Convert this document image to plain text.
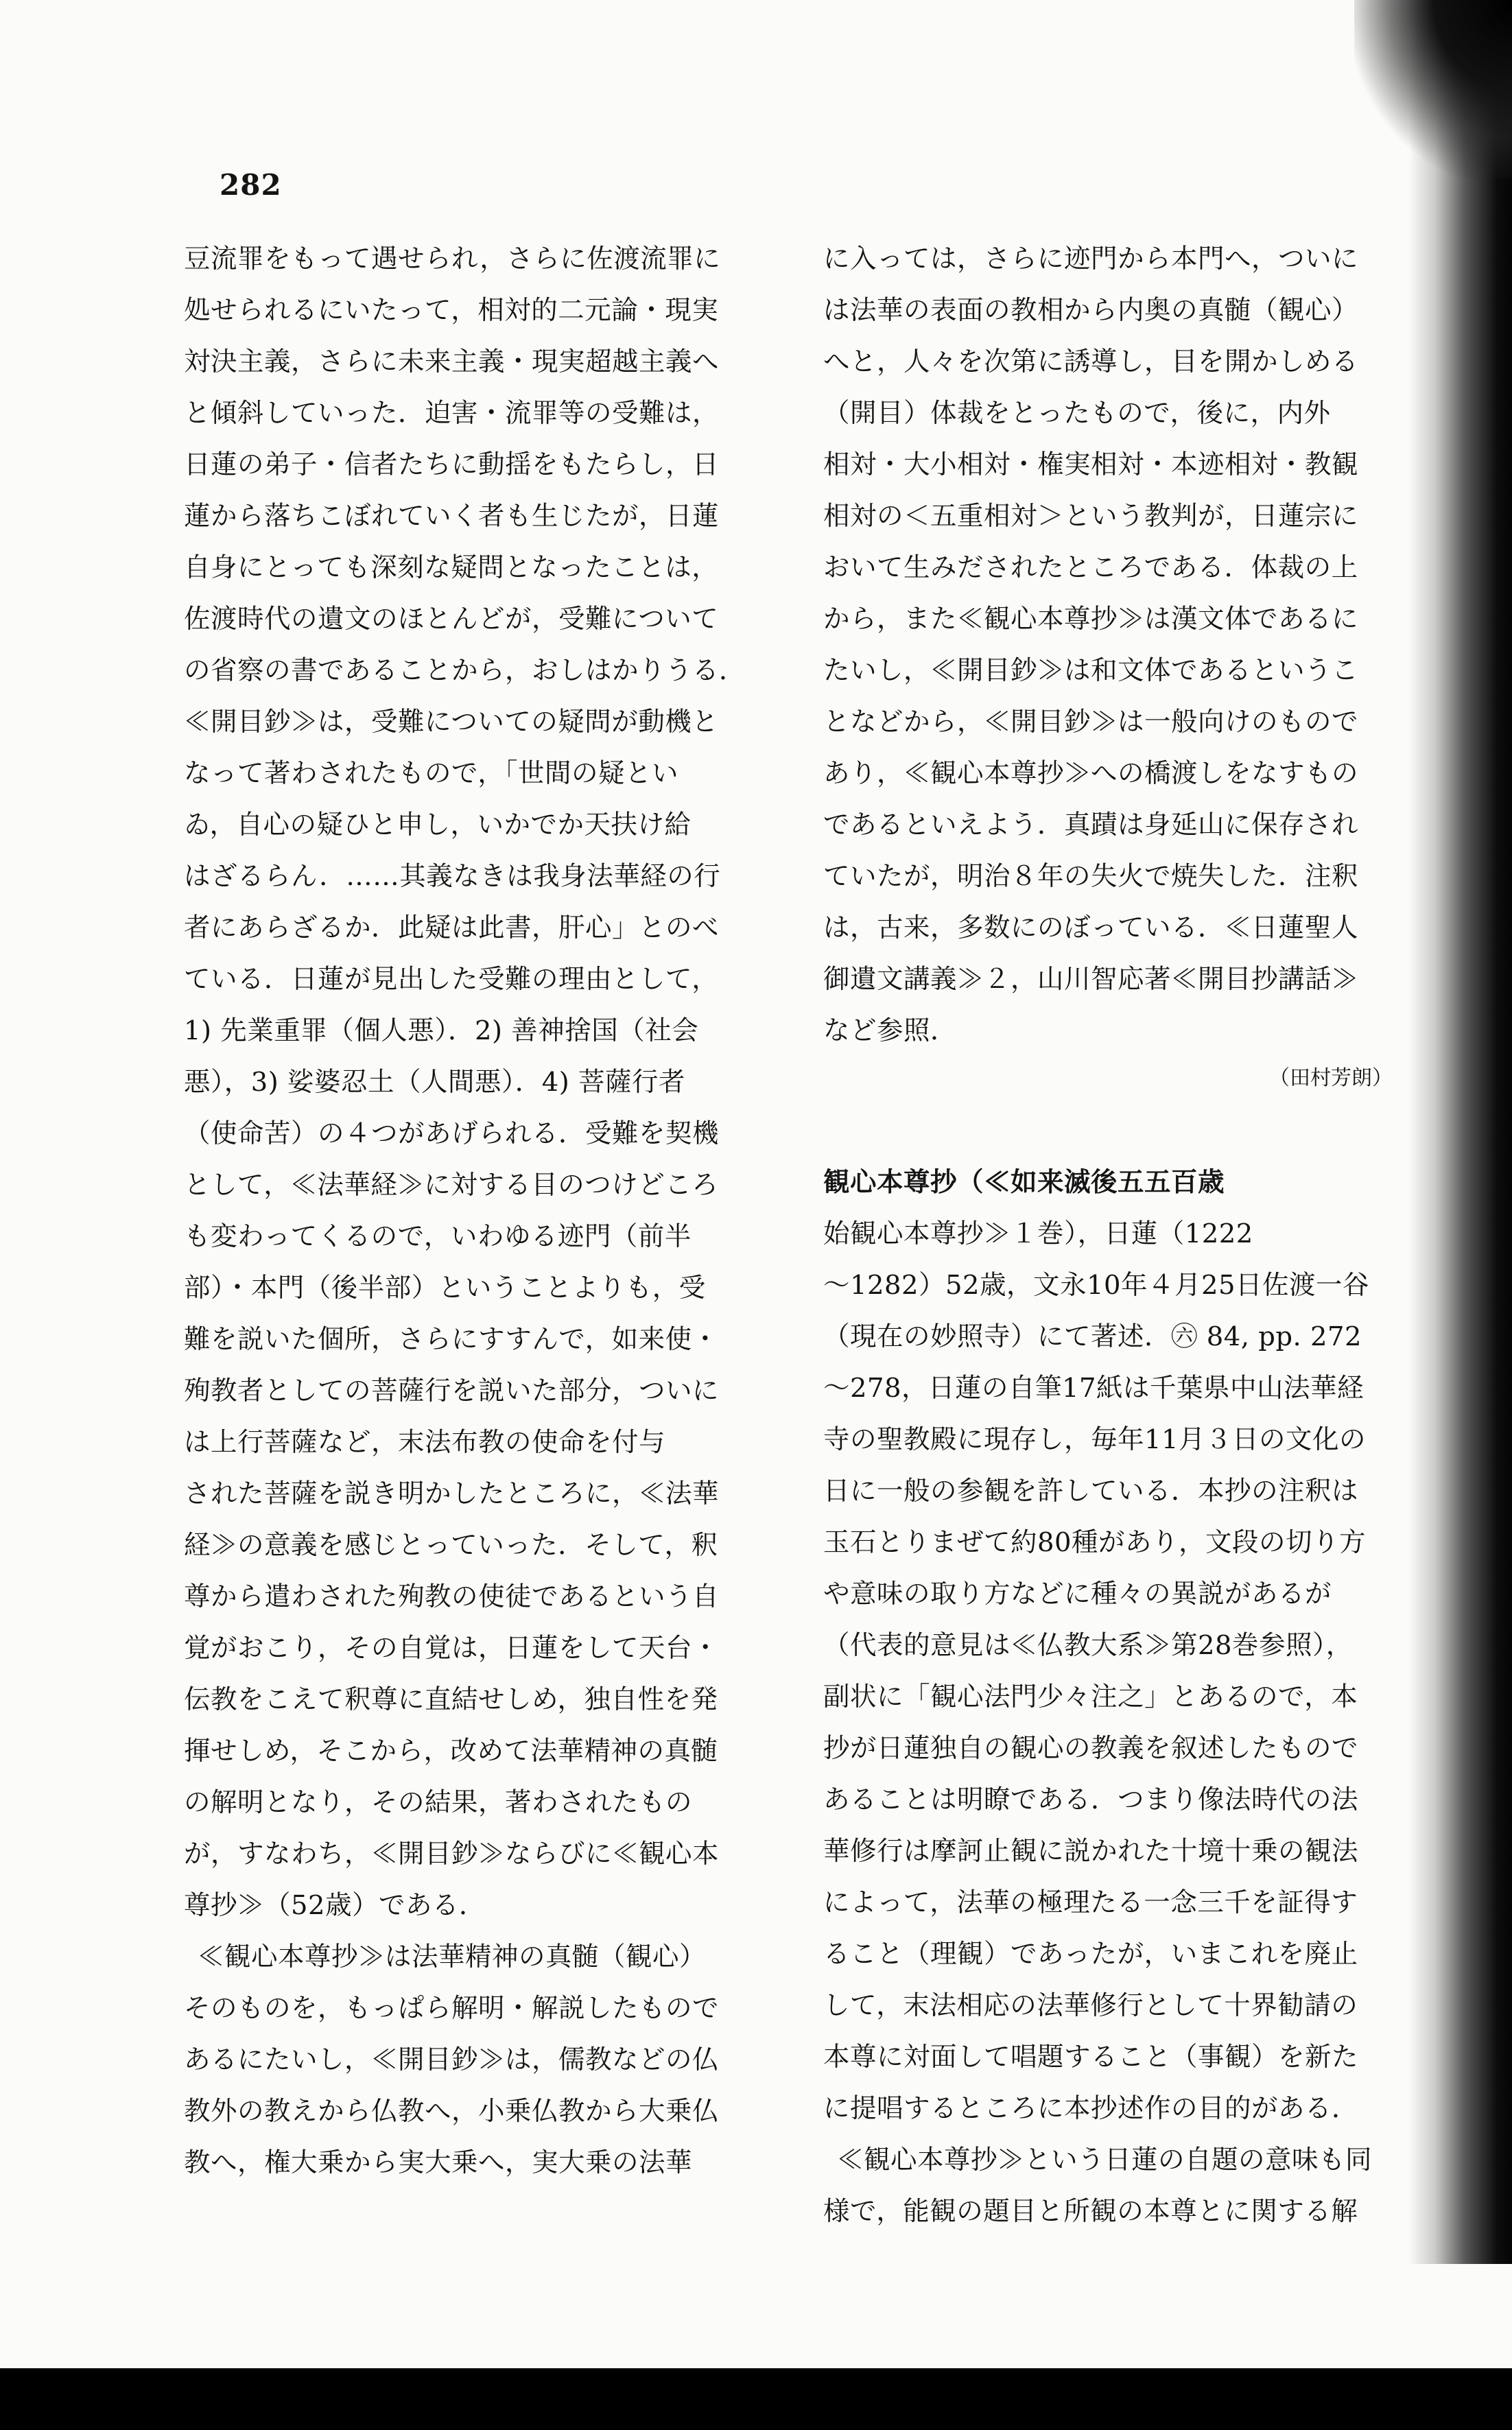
282
豆流罪をもって遇せられ，さらに佐渡流罪に
処せられるにいたって，相対的二元論・現実
対決主義，さらに未来主義・現実超越主義へ
と傾斜していった．迫害・流罪等の受難は，
日蓮の弟子・信者たちに動揺をもたらし，日
蓮から落ちこぼれていく者も生じたが，日蓮
自身にとっても深刻な疑問となったことは，
佐渡時代の遺文のほとんどが，受難について
の省察の書であることから，おしはかりうる．
≪開目鈔≫は，受難についての疑問が動機と
なって著わされたもので，「世間の疑とい
ゐ，自心の疑ひと申し，いかでか天扶け給
はざるらん．……其義なきは我身法華経の行
者にあらざるか．此疑は此書，肝心」とのべ
ている．日蓮が見出した受難の理由として，
1) 先業重罪（個人悪）．2) 善神捨国（社会
悪），3) 娑婆忍土（人間悪）．4) 菩薩行者
（使命苦）の４つがあげられる．受難を契機
として，≪法華経≫に対する目のつけどころ
も変わってくるので，いわゆる迹門（前半
部）・本門（後半部）ということよりも，受
難を説いた個所，さらにすすんで，如来使・
殉教者としての菩薩行を説いた部分，ついに
は上行菩薩など，末法布教の使命を付与
された菩薩を説き明かしたところに，≪法華
経≫の意義を感じとっていった．そして，釈
尊から遣わされた殉教の使徒であるという自
覚がおこり，その自覚は，日蓮をして天台・
伝教をこえて釈尊に直結せしめ，独自性を発
揮せしめ，そこから，改めて法華精神の真髄
の解明となり，その結果，著わされたもの
が，すなわち，≪開目鈔≫ならびに≪観心本
尊抄≫（52歳）である．
≪観心本尊抄≫は法華精神の真髄（観心）
そのものを，もっぱら解明・解説したもので
あるにたいし，≪開目鈔≫は，儒教などの仏
教外の教えから仏教へ，小乗仏教から大乗仏
教へ，権大乗から実大乗へ，実大乗の法華
に入っては，さらに迹門から本門へ，ついに
は法華の表面の教相から内奥の真髄（観心）
へと，人々を次第に誘導し，目を開かしめる
（開目）体裁をとったもので，後に，内外
相対・大小相対・権実相対・本迹相対・教観
相対の＜五重相対＞という教判が，日蓮宗に
おいて生みだされたところである．体裁の上
から，また≪観心本尊抄≫は漢文体であるに
たいし，≪開目鈔≫は和文体であるというこ
となどから，≪開目鈔≫は一般向けのもので
あり，≪観心本尊抄≫への橋渡しをなすもの
であるといえよう．真蹟は身延山に保存され
ていたが，明治８年の失火で焼失した．注釈
は，古来，多数にのぼっている．≪日蓮聖人
御遺文講義≫２，山川智応著≪開目抄講話≫
など参照．
（田村芳朗）
観心本尊抄（≪如来滅後五五百歳
始観心本尊抄≫１巻），日蓮（1222
～1282）52歳，文永10年４月25日佐渡一谷
（現在の妙照寺）にて著述．㊅ 84, pp. 272
～278，日蓮の自筆17紙は千葉県中山法華経
寺の聖教殿に現存し，毎年11月３日の文化の
日に一般の参観を許している．本抄の注釈は
玉石とりまぜて約80種があり，文段の切り方
や意味の取り方などに種々の異説があるが
（代表的意見は≪仏教大系≫第28巻参照），
副状に「観心法門少々注之」とあるので，本
抄が日蓮独自の観心の教義を叙述したもので
あることは明瞭である．つまり像法時代の法
華修行は摩訶止観に説かれた十境十乗の観法
によって，法華の極理たる一念三千を証得す
ること（理観）であったが，いまこれを廃止
して，末法相応の法華修行として十界勧請の
本尊に対面して唱題すること（事観）を新た
に提唱するところに本抄述作の目的がある．
≪観心本尊抄≫という日蓮の自題の意味も同
様で，能観の題目と所観の本尊とに関する解
